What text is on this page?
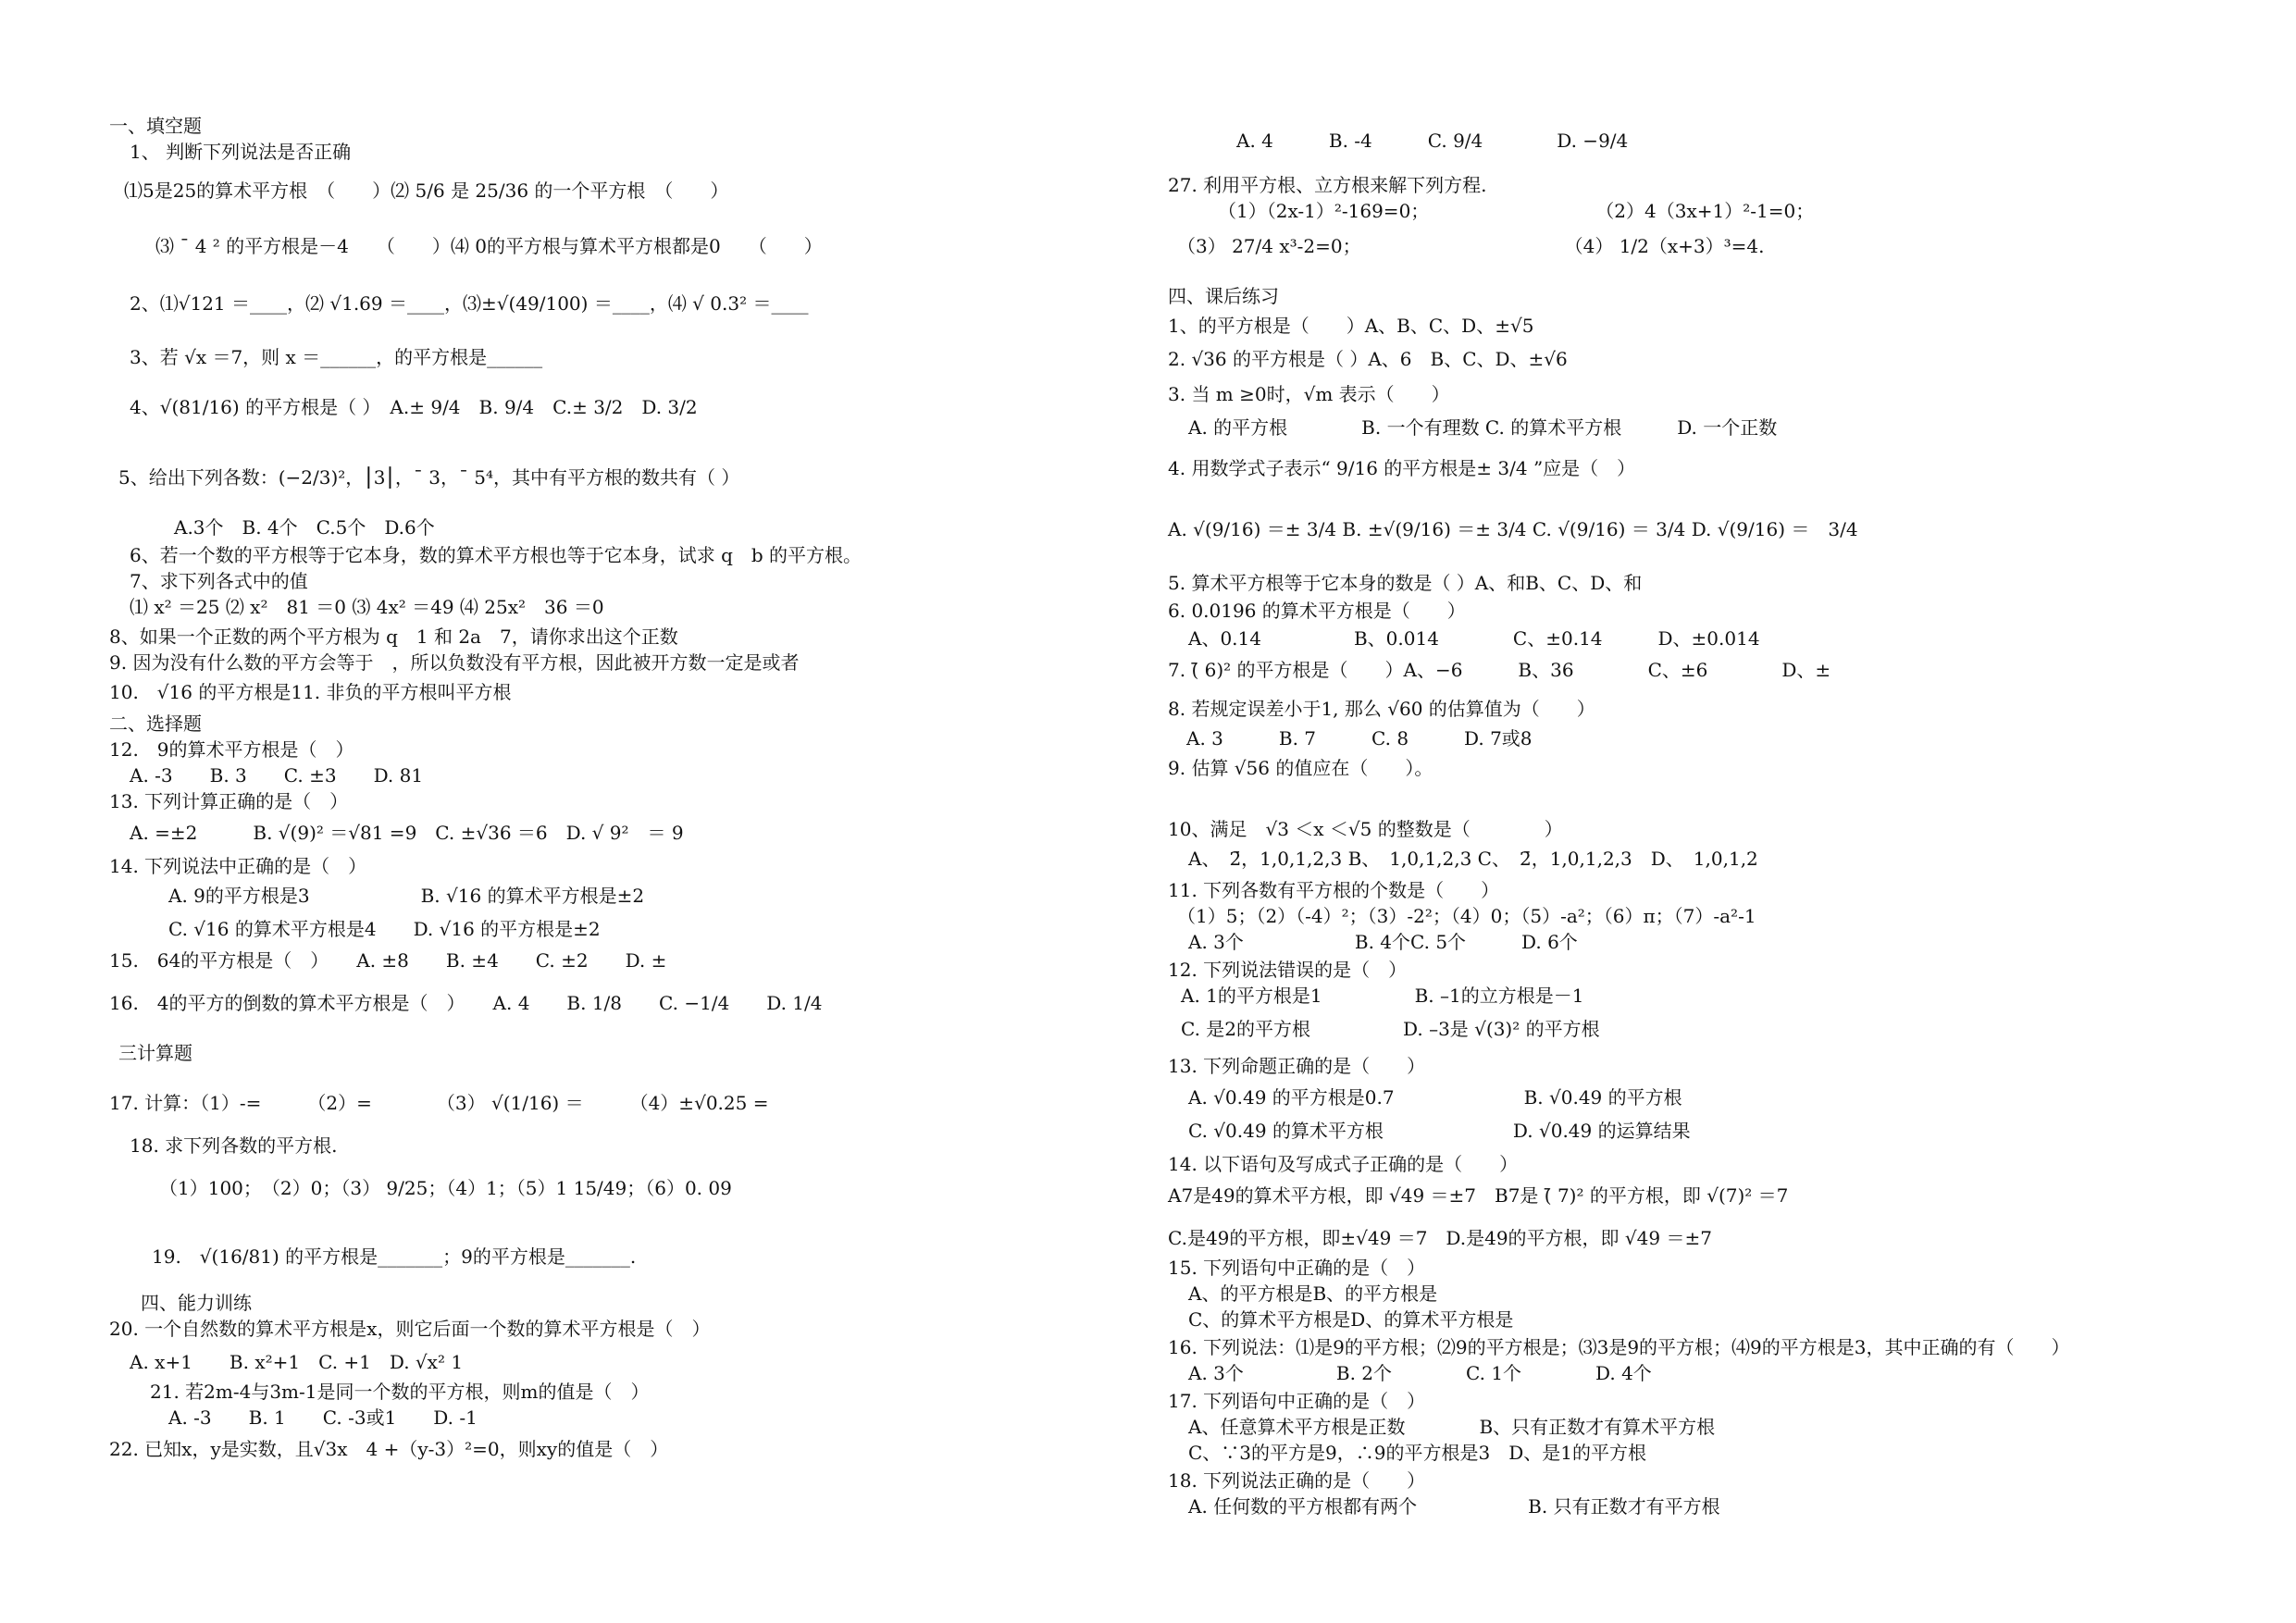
一、填空题
1、 判断下列说法是否正确
⑴5是25的算术平方根　（　　）⑵ 5/6 是 25/36 的一个平方根　（　　）
⑶ ˉ 4 ² 的平方根是－4　　（　　）⑷ 0的平方根与算术平方根都是0　　（　　）
2、⑴√121 ＝____，⑵ √1.69 ＝____，⑶±√(49/100) ＝____，⑷ √ 0.3² ＝____
3、若 √x ＝7，则 x ＝______，的平方根是______
4、√(81/16) 的平方根是（ ）　A.± 9/4　B. 9/4　C.± 3/2　D. 3/2
5、给出下列各数：(−2/3)²，⎮3⎮，ˉ 3，ˉ 5⁴，其中有平方根的数共有（ ）
A.3个　B. 4个　C.5个　D.6个
6、若一个数的平方根等于它本身，数的算术平方根也等于它本身，试求 q　b 的平方根。
7、求下列各式中的值
⑴ x² ＝25 ⑵ x²　81 ＝0 ⑶ 4x² ＝49 ⑷ 25x²　36 ＝0
8、如果一个正数的两个平方根为 q　1 和 2a　7，请你求出这个正数
9. 因为没有什么数的平方会等于　，所以负数没有平方根，因此被开方数一定是或者
10.　√16 的平方根是11. 非负的平方根叫平方根
二、选择题
12.　9的算术平方根是（　）
A. -3　　B. 3　　C. ±3　　D. 81
13. 下列计算正确的是（　）
A. =±2　　　B. √(9)² ＝√81 =9　C. ±√36 ＝6　D. √ 9²　＝ 9
14. 下列说法中正确的是（　）
A. 9的平方根是3　　　　　　B. √16 的算术平方根是±2
C. √16 的算术平方根是4　　D. √16 的平方根是±2
15.　64的平方根是（　）　　A. ±8　　B. ±4　　C. ±2　　D. ±
16.　4的平方的倒数的算术平方根是（　）　　A. 4　　B. 1/8　　C. −1/4　　D. 1/4
三计算题
17. 计算：（1）-=　　　（2）=　　　　（3） √(1/16) ＝　　　（4）±√0.25 =
18. 求下列各数的平方根.
（1）100；　（2）0；（3） 9/25；（4）1；（5）1 15/49；（6）0. 09
19.　√(16/81) 的平方根是_______；9的平方根是_______.
四、能力训练
20. 一个自然数的算术平方根是x，则它后面一个数的算术平方根是（　）
A. x+1　　B. x²+1　C. +1　D. √x² 1
21. 若2m-4与3m-1是同一个数的平方根，则m的值是（　）
A. -3　　B. 1　　C. -3或1　　D. -1
22. 已知x，y是实数，且√3x　4 +（y-3）²=0，则xy的值是（　）
A. 4　　　B. -4　　　C. 9/4　　　　D. −9/4
27. 利用平方根、立方根来解下列方程.
（1）（2x-1）²-169=0；　　　　　　　　　　（2）4（3x+1）²-1=0；
（3） 27/4 x³-2=0；　　　　　　　　　　　　（4） 1/2（x+3）³=4.
四、课后练习
1、的平方根是（　　）A、B、C、D、±√5
2. √36 的平方根是（ ）A、6　B、C、D、±√6
3. 当 m ≥0时，√m 表示（　　）
A. 的平方根　　　　B. 一个有理数 C. 的算术平方根　　　D. 一个正数
4. 用数学式子表示“ 9/16 的平方根是± 3/4 ”应是（　）
A. √(9/16) ＝± 3/4 B. ±√(9/16) ＝± 3/4 C. √(9/16) ＝ 3/4 D. √(9/16) ＝　3/4
5. 算术平方根等于它本身的数是（ ）A、和B、C、D、和
6. 0.0196 的算术平方根是（　　）
A、0.14　　　　　B、0.014　　　　C、±0.14　　　D、±0.014
7. (̄ 6)² 的平方根是（　　）A、−6　　　B、36　　　　C、±6　　　　D、±
8. 若规定误差小于1, 那么 √60 的估算值为（　　）
A. 3　　　B. 7　　　C. 8　　　D. 7或8
9. 估算 √56 的值应在（　　）。
10、满足　√3 ＜x ＜√5 的整数是（　　　　）
A、　2̄，1,0,1,2,3 B、　1,0,1,2,3 C、　2̄，1,0,1,2,3　D、　1,0,1,2
11. 下列各数有平方根的个数是（　　）
（1）5；（2）（-4）²；（3）-2²；（4）0；（5）-a²；（6）π；（7）-a²-1
A. 3个　　　　　　B. 4个C. 5个　　　D. 6个
12. 下列说法错误的是（　）
A. 1的平方根是1　　　　　B. –1的立方根是－1
C. 是2的平方根　　　　　D. –3是 √(3)² 的平方根
13. 下列命题正确的是（　　）
A. √0.49 的平方根是0.7　　　　　　　B. √0.49 的平方根
C. √0.49 的算术平方根　　　　　　　D. √0.49 的运算结果
14. 以下语句及写成式子正确的是（　　）
A7是49的算术平方根，即 √49 ＝±7　B7是 (̄ 7)² 的平方根，即 √(7)² ＝7
C.是49的平方根，即±√49 ＝7　D.是49的平方根，即 √49 ＝±7
15. 下列语句中正确的是（　）
A、的平方根是B、的平方根是
C、的算术平方根是D、的算术平方根是
16. 下列说法：⑴是9的平方根；⑵9的平方根是；⑶3是9的平方根；⑷9的平方根是3，其中正确的有（　　）
A. 3个　　　　　B. 2个　　　　C. 1个　　　　D. 4个
17. 下列语句中正确的是（　）
A、任意算术平方根是正数　　　　B、只有正数才有算术平方根
C、∵3的平方是9，∴9的平方根是3　D、是1的平方根
18. 下列说法正确的是（　　）
A. 任何数的平方根都有两个　　　　　　B. 只有正数才有平方根
